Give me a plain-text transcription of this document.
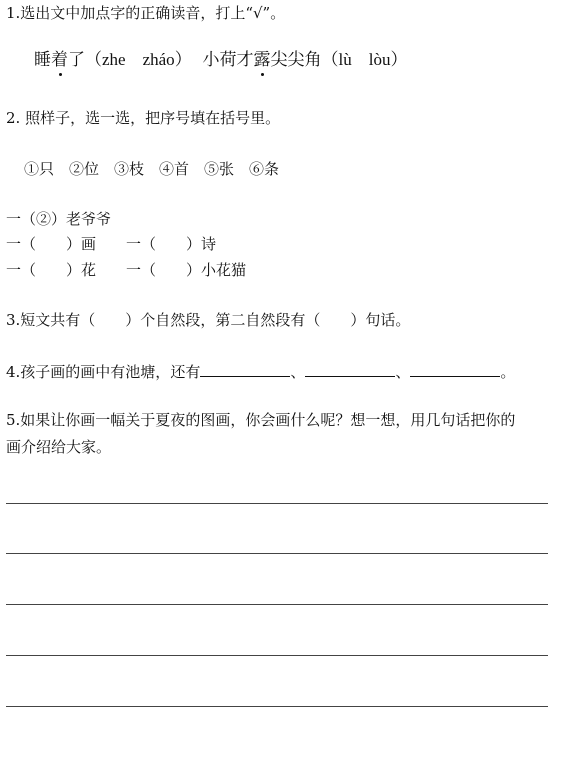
1.选出文中加点字的正确读音，打上“√”。
睡着了（zhe　zháo） 小荷才露尖尖角（lù　lòu）
2. 照样子，选一选，把序号填在括号里。
①只　②位　③枝　④首　⑤张　⑥条
一（②）老爷爷
一（　　）画　　一（　　）诗
一（　　）花　　一（　　）小花猫
3.短文共有（　　）个自然段，第二自然段有（　　）句话。
4.孩子画的画中有池塘，还有	、	、	。
5.如果让你画一幅关于夏夜的图画，你会画什么呢？想一想，用几句话把你的
画介绍给大家。
